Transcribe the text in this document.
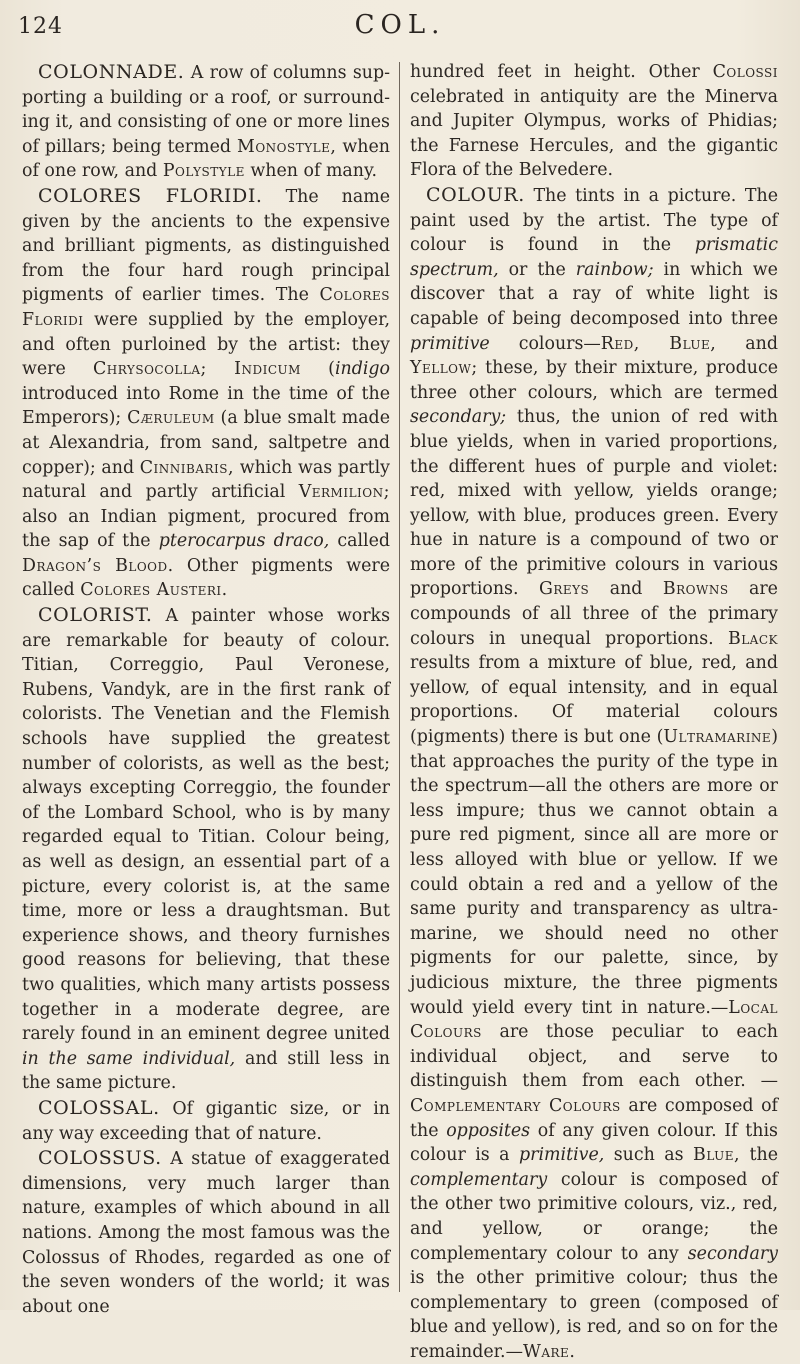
124	COL.

COLONNADE. A row of columns supporting a building or a roof, or surrounding it, and consisting of one or more lines of pillars; being termed Monostyle, when of one row, and Polystyle when of many.

COLORES FLORIDI. The name given by the ancients to the expensive and brilliant pigments, as distinguished from the four hard rough principal pigments of earlier times. The Colores Floridi were supplied by the employer, and often purloined by the artist: they were Chrysocolla; Indicum (indigo introduced into Rome in the time of the Emperors); Cæruleum (a blue smalt made at Alexandria, from sand, saltpetre and copper); and Cinnibaris, which was partly natural and partly artificial Vermilion; also an Indian pigment, procured from the sap of the pterocarpus draco, called Dragon’s Blood. Other pigments were called Colores Austeri.

COLORIST. A painter whose works are remarkable for beauty of colour. Titian, Correggio, Paul Veronese, Rubens, Vandyk, are in the first rank of colorists. The Venetian and the Flemish schools have supplied the greatest number of colorists, as well as the best; always excepting Correggio, the founder of the Lombard School, who is by many regarded equal to Titian. Colour being, as well as design, an essential part of a picture, every colorist is, at the same time, more or less a draughtsman. But experience shows, and theory furnishes good reasons for believing, that these two qualities, which many artists possess together in a moderate degree, are rarely found in an eminent degree united in the same individual, and still less in the same picture.

COLOSSAL. Of gigantic size, or in any way exceeding that of nature.

COLOSSUS. A statue of exaggerated dimensions, very much larger than nature, examples of which abound in all nations. Among the most famous was the Colossus of Rhodes, regarded as one of the seven wonders of the world; it was about one

hundred feet in height. Other Colossi celebrated in antiquity are the Minerva and Jupiter Olympus, works of Phidias; the Farnese Hercules, and the gigantic Flora of the Belvedere.

COLOUR. The tints in a picture. The paint used by the artist. The type of colour is found in the prismatic spectrum, or the rainbow; in which we discover that a ray of white light is capable of being decomposed into three primitive colours—Red, Blue, and Yellow; these, by their mixture, produce three other colours, which are termed secondary; thus, the union of red with blue yields, when in varied proportions, the different hues of purple and violet: red, mixed with yellow, yields orange; yellow, with blue, produces green. Every hue in nature is a compound of two or more of the primitive colours in various proportions. Greys and Browns are compounds of all three of the primary colours in unequal proportions. Black results from a mixture of blue, red, and yellow, of equal intensity, and in equal proportions. Of material colours (pigments) there is but one (Ultramarine) that approaches the purity of the type in the spectrum—all the others are more or less impure; thus we cannot obtain a pure red pigment, since all are more or less alloyed with blue or yellow. If we could obtain a red and a yellow of the same purity and transparency as ultramarine, we should need no other pigments for our palette, since, by judicious mixture, the three pigments would yield every tint in nature.—Local Colours are those peculiar to each individual object, and serve to distinguish them from each other. — Complementary Colours are composed of the opposites of any given colour. If this colour is a primitive, such as Blue, the complementary colour is composed of the other two primitive colours, viz., red, and yellow, or orange; the complementary colour to any secondary is the other primitive colour; thus the complementary to green (composed of blue and yellow), is red, and so on for the remainder.—Ware.
